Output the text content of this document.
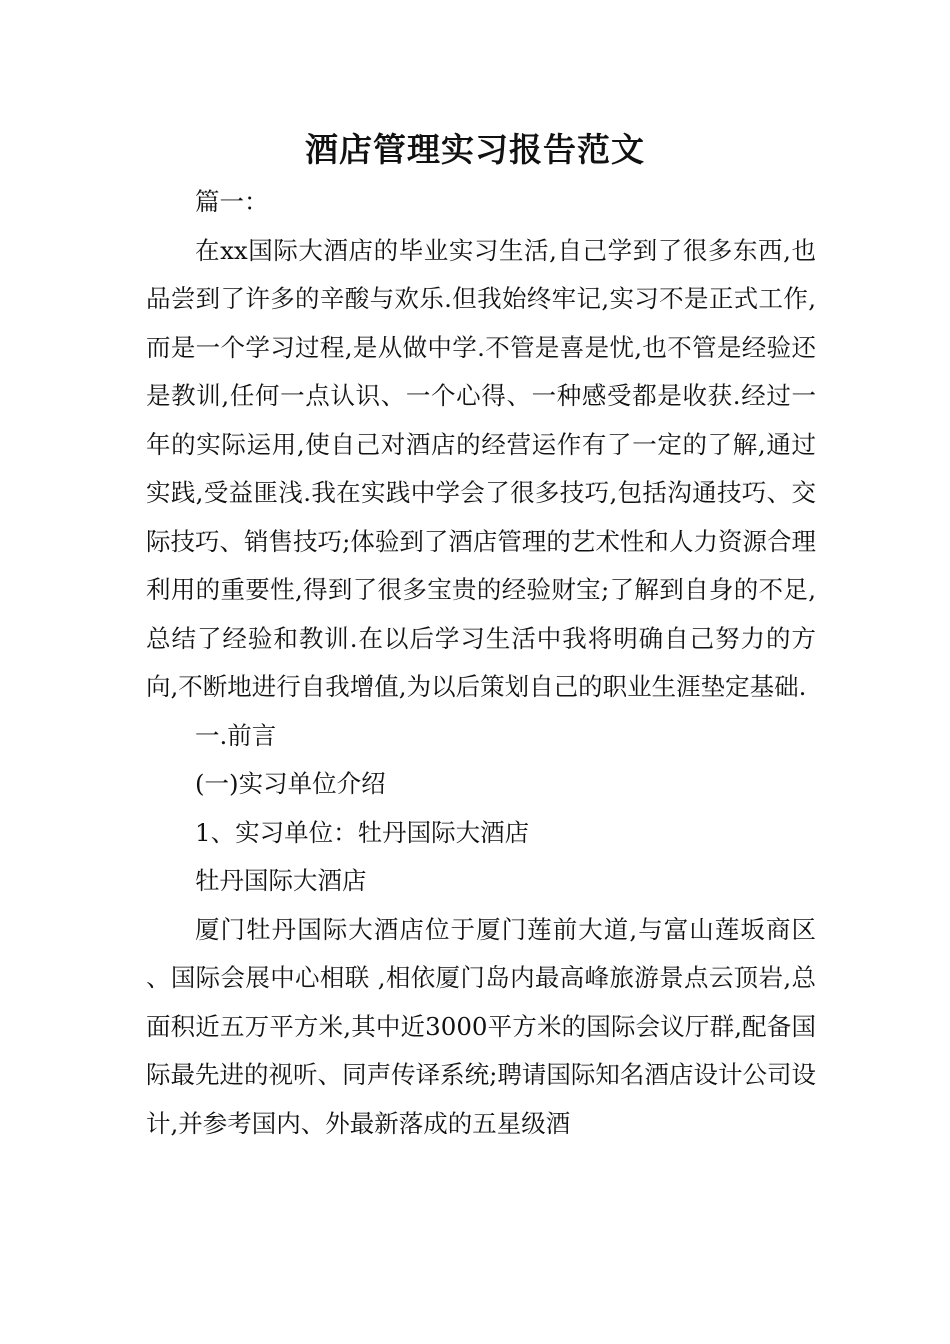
酒店管理实习报告范文

篇一：

在xx国际大酒店的毕业实习生活,自己学到了很多东西,也品尝到了许多的辛酸与欢乐.但我始终牢记,实习不是正式工作,而是一个学习过程,是从做中学.不管是喜是忧,也不管是经验还是教训,任何一点认识、一个心得、一种感受都是收获.经过一年的实际运用,使自己对酒店的经营运作有了一定的了解,通过实践,受益匪浅.我在实践中学会了很多技巧,包括沟通技巧、交际技巧、销售技巧;体验到了酒店管理的艺术性和人力资源合理利用的重要性,得到了很多宝贵的经验财宝;了解到自身的不足,总结了经验和教训.在以后学习生活中我将明确自己努力的方向,不断地进行自我增值,为以后策划自己的职业生涯垫定基础.

一.前言

(一)实习单位介绍

1、实习单位：牡丹国际大酒店

牡丹国际大酒店

厦门牡丹国际大酒店位于厦门莲前大道,与富山莲坂商区 、国际会展中心相联 ,相依厦门岛内最高峰旅游景点云顶岩,总面积近五万平方米,其中近3000平方米的国际会议厅群,配备国际最先进的视听、同声传译系统;聘请国际知名酒店设计公司设计,并参考国内、外最新落成的五星级酒
